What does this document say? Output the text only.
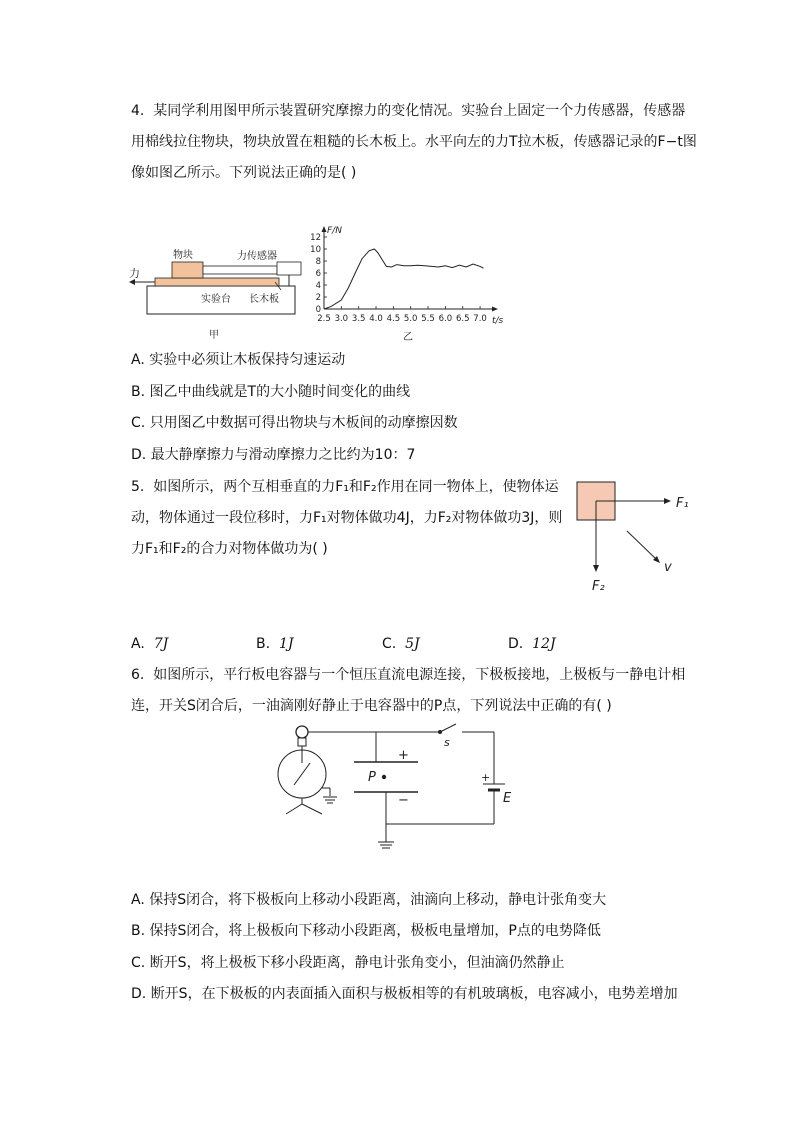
4. 某同学利用图甲所示装置研究摩擦力的变化情况。实验台上固定一个力传感器，传感器
用棉线拉住物块，物块放置在粗糙的长木板上。水平向左的力T拉木板，传感器记录的F−t图
像如图乙所示。下列说法正确的是( )
物块	力传感器
力
实验台 长木板
甲
0
2
4
6
8
10
12
2.5 3.0 3.5 4.0 4.5 5.0 5.5 6.0 6.5 7.0
F/N
t/s
乙
A. 实验中必须让木板保持匀速运动
B. 图乙中曲线就是T的大小随时间变化的曲线
C. 只用图乙中数据可得出物块与木板间的动摩擦因数
D. 最大静摩擦力与滑动摩擦力之比约为10：7
5. 如图所示，两个互相垂直的力F₁和F₂作用在同一物体上，使物体运
动，物体通过一段位移时，力F₁对物体做功4J，力F₂对物体做功3J，则
力F₁和F₂的合力对物体做功为( )
F₁
F₂
v
A. 7J	B. 1J	C. 5J	D. 12J
6. 如图所示，平行板电容器与一个恒压直流电源连接，下极板接地，上极板与一静电计相
连，开关S闭合后，一油滴刚好静止于电容器中的P点，下列说法中正确的有( )
P
+
−
s
+
E
A. 保持S闭合，将下极板向上移动小段距离，油滴向上移动，静电计张角变大
B. 保持S闭合，将上极板向下移动小段距离，极板电量增加，P点的电势降低
C. 断开S，将上极板下移小段距离，静电计张角变小，但油滴仍然静止
D. 断开S，在下极板的内表面插入面积与极板相等的有机玻璃板，电容减小，电势差增加
